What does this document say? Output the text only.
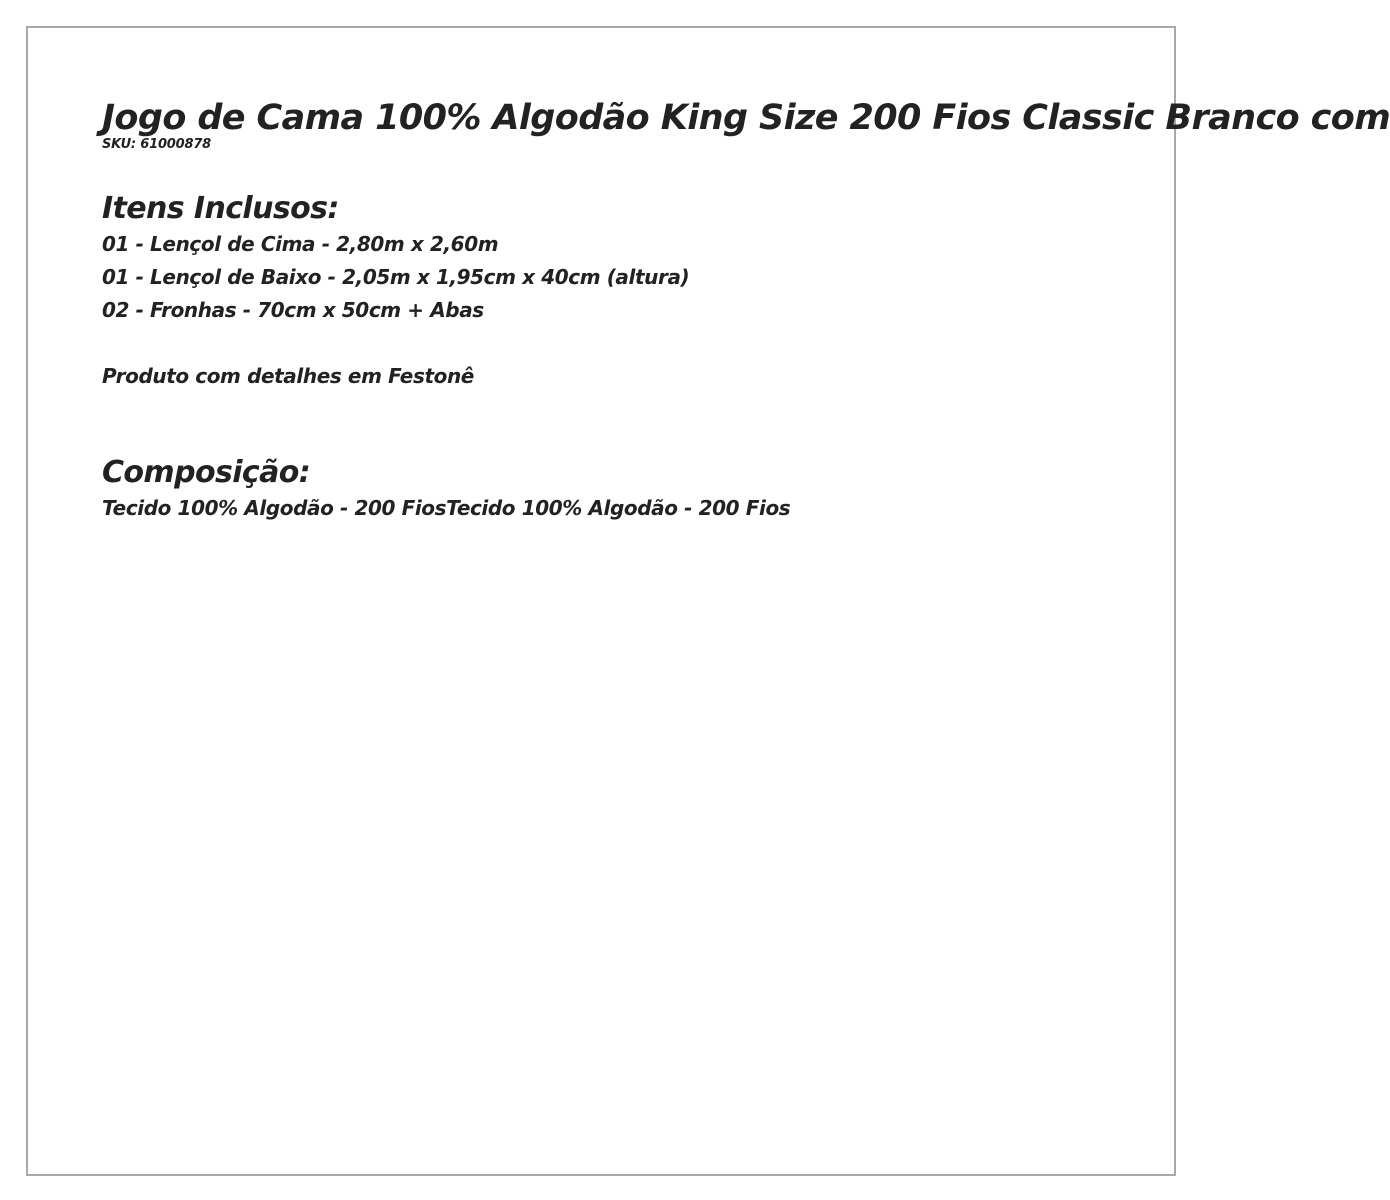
Jogo de Cama 100% Algodão King Size 200 Fios Classic Branco com
SKU: 61000878
Itens Inclusos:
01 - Lençol de Cima - 2,80m x 2,60m
01 - Lençol de Baixo - 2,05m x 1,95cm x 40cm (altura)
02 - Fronhas - 70cm x 50cm + Abas
Produto com detalhes em Festonê
Composição:
Tecido 100% Algodão - 200 FiosTecido 100% Algodão - 200 Fios
